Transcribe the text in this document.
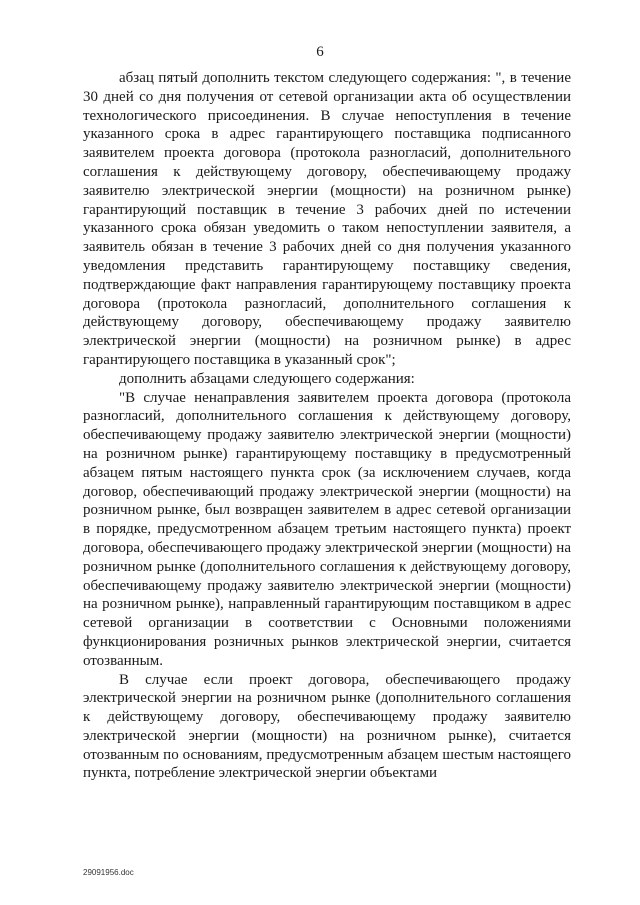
6

абзац пятый дополнить текстом следующего содержания: ", в течение 30 дней со дня получения от сетевой организации акта об осуществлении технологического присоединения. В случае непоступления в течение указанного срока в адрес гарантирующего поставщика подписанного заявителем проекта договора (протокола разногласий, дополнительного соглашения к действующему договору, обеспечивающему продажу заявителю электрической энергии (мощности) на розничном рынке) гарантирующий поставщик в течение 3 рабочих дней по истечении указанного срока обязан уведомить о таком непоступлении заявителя, а заявитель обязан в течение 3 рабочих дней со дня получения указанного уведомления представить гарантирующему поставщику сведения, подтверждающие факт направления гарантирующему поставщику проекта договора (протокола разногласий, дополнительного соглашения к действующему договору, обеспечивающему продажу заявителю электрической энергии (мощности) на розничном рынке) в адрес гарантирующего поставщика в указанный срок";

дополнить абзацами следующего содержания:

"В случае ненаправления заявителем проекта договора (протокола разногласий, дополнительного соглашения к действующему договору, обеспечивающему продажу заявителю электрической энергии (мощности) на розничном рынке) гарантирующему поставщику в предусмотренный абзацем пятым настоящего пункта срок (за исключением случаев, когда договор, обеспечивающий продажу электрической энергии (мощности) на розничном рынке, был возвращен заявителем в адрес сетевой организации в порядке, предусмотренном абзацем третьим настоящего пункта) проект договора, обеспечивающего продажу электрической энергии (мощности) на розничном рынке (дополнительного соглашения к действующему договору, обеспечивающему продажу заявителю электрической энергии (мощности) на розничном рынке), направленный гарантирующим поставщиком в адрес сетевой организации в соответствии с Основными положениями функционирования розничных рынков электрической энергии, считается отозванным.

В случае если проект договора, обеспечивающего продажу электрической энергии на розничном рынке (дополнительного соглашения к действующему договору, обеспечивающему продажу заявителю электрической энергии (мощности) на розничном рынке), считается отозванным по основаниям, предусмотренным абзацем шестым настоящего пункта, потребление электрической энергии объектами

29091956.doc
